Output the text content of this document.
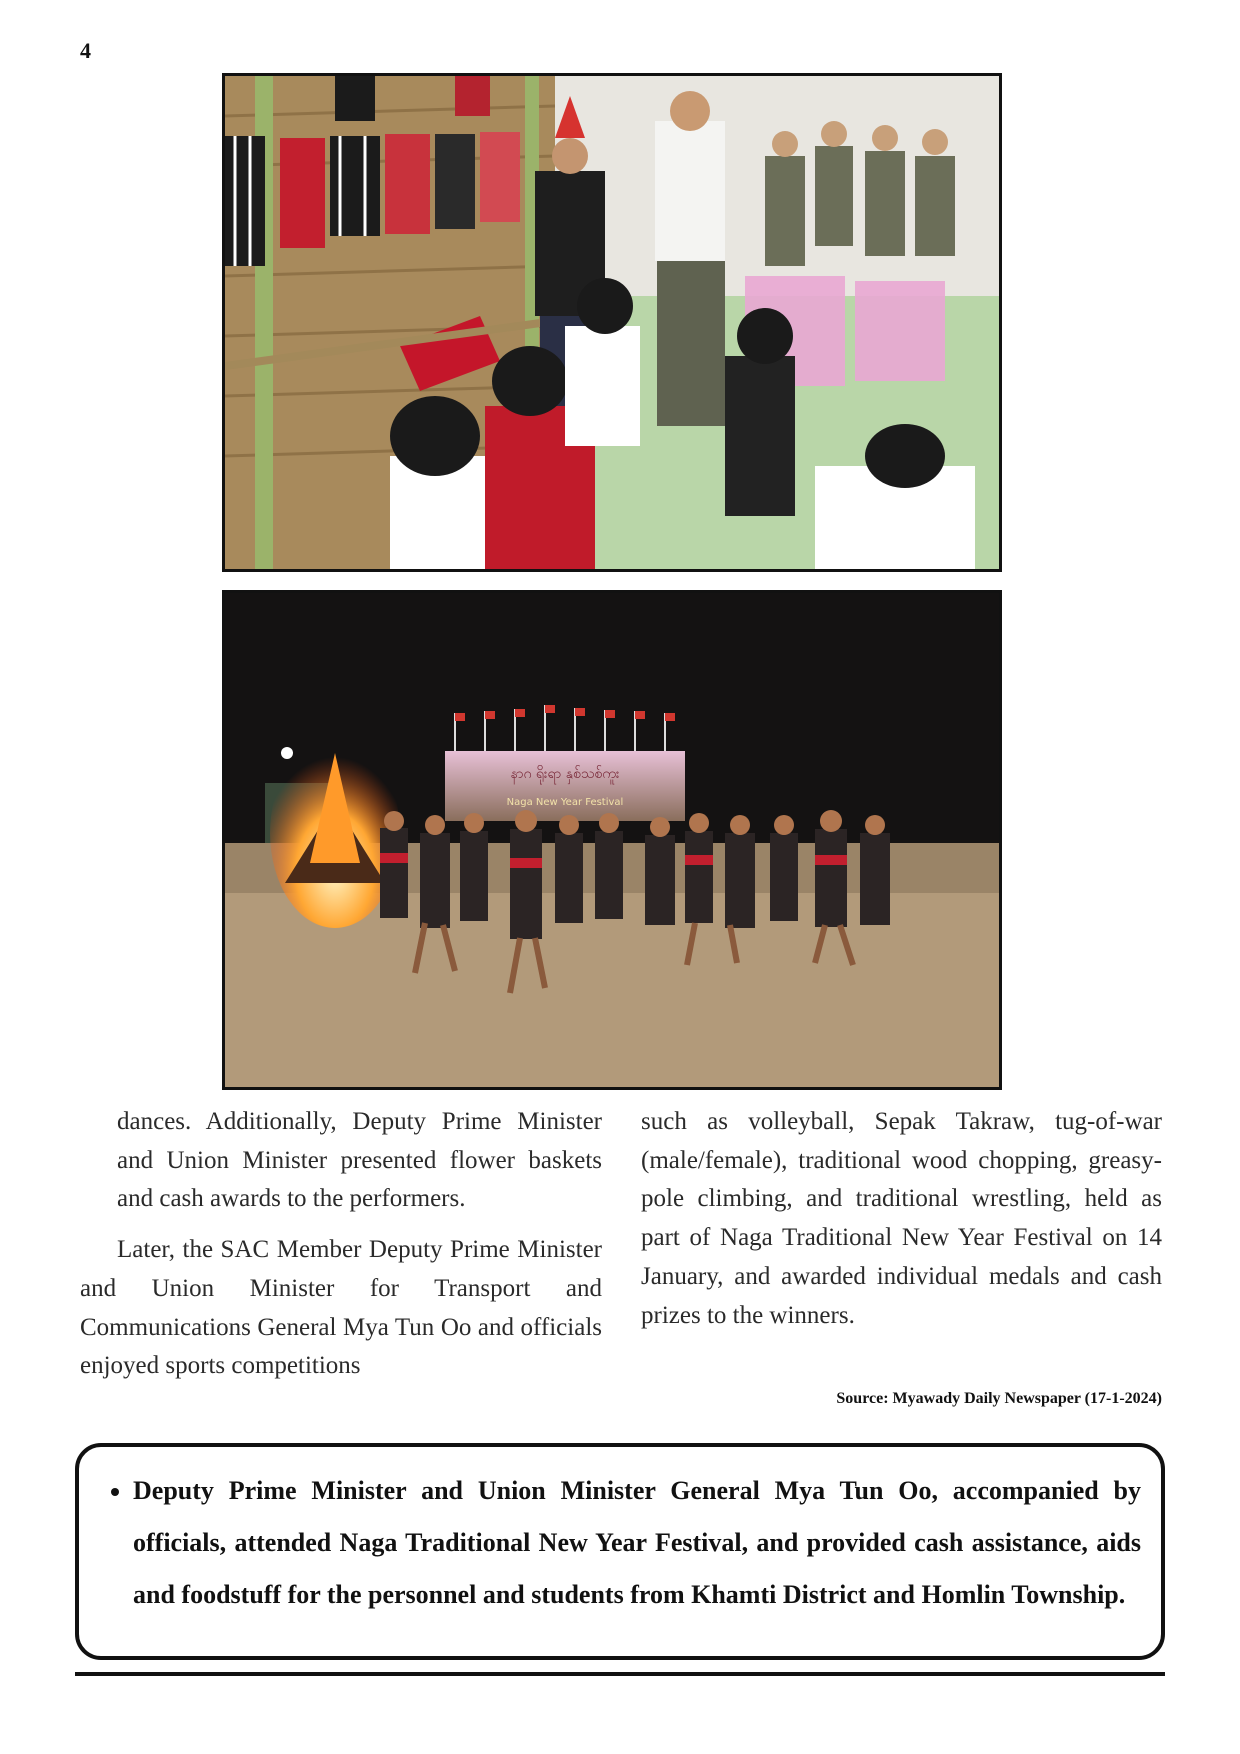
4
နာဂ ရိုးရာ နှစ်သစ်ကူး
Naga New Year Festival

dances. Additionally, Deputy Prime Minister and Union Minister presented flower baskets and cash awards to the performers.

Later, the SAC Member Deputy Prime Minister and Union Minister for Transport and Communications General Mya Tun Oo and officials enjoyed sports competitions

such as volleyball, Sepak Takraw, tug-of-war (male/female), traditional wood chopping, greasy-pole climbing, and traditional wrestling, held as part of Naga Traditional New Year Festival on 14 January, and awarded individual medals and cash prizes to the winners.

Source: Myawady Daily Newspaper (17-1-2024)
• Deputy Prime Minister and Union Minister General Mya Tun Oo, accompanied by officials, attended Naga Traditional New Year Festival, and provided cash assistance, aids and foodstuff for the personnel and students from Khamti District and Homlin Township.
